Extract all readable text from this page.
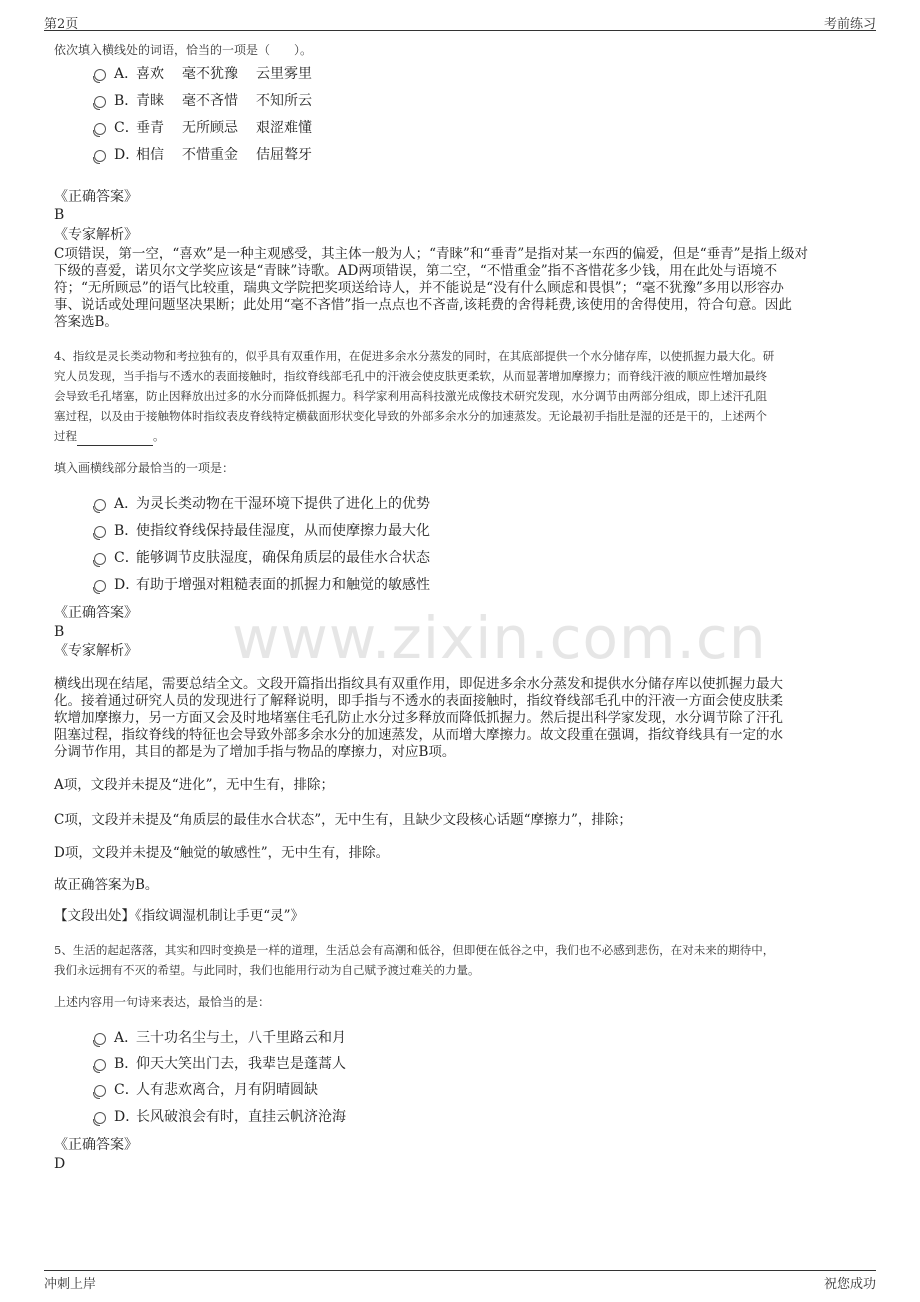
第2页	考前练习
www.zixin.com.cn
依次填入横线处的词语，恰当的一项是（　　）。
A．喜欢 毫不犹豫 云里雾里
B．青睐 毫不吝惜 不知所云
C．垂青 无所顾忌 艰涩难懂
D．相信 不惜重金 佶屈聱牙
《正确答案》
B
《专家解析》

C项错误，第一空，“喜欢”是一种主观感受，其主体一般为人；“青睐”和“垂青”是指对某一东西的偏爱，但是“垂青”是指上级对

下级的喜爱，诺贝尔文学奖应该是“青睐”诗歌。AD两项错误，第二空，“不惜重金”指不吝惜花多少钱，用在此处与语境不

符；“无所顾忌”的语气比较重，瑞典文学院把奖项送给诗人，并不能说是“没有什么顾虑和畏惧”；“毫不犹豫”多用以形容办

事、说话或处理问题坚决果断；此处用“毫不吝惜”指一点点也不吝啬,该耗费的舍得耗费,该使用的舍得使用，符合句意。因此

答案选B。

4、指纹是灵长类动物和考拉独有的，似乎具有双重作用，在促进多余水分蒸发的同时，在其底部提供一个水分储存库，以使抓握力最大化。研

究人员发现，当手指与不透水的表面接触时，指纹脊线部毛孔中的汗液会使皮肤更柔软，从而显著增加摩擦力；而脊线汗液的顺应性增加最终

会导致毛孔堵塞，防止因释放出过多的水分而降低抓握力。科学家利用高科技激光成像技术研究发现，水分调节由两部分组成，即上述汗孔阻

塞过程，以及由于接触物体时指纹表皮脊线特定横截面形状变化导致的外部多余水分的加速蒸发。无论最初手指肚是湿的还是干的，上述两个

过程	。

填入画横线部分最恰当的一项是：
A．为灵长类动物在干湿环境下提供了进化上的优势
B．使指纹脊线保持最佳湿度，从而使摩擦力最大化
C．能够调节皮肤湿度，确保角质层的最佳水合状态
D．有助于增强对粗糙表面的抓握力和触觉的敏感性
《正确答案》
B
《专家解析》

横线出现在结尾，需要总结全文。文段开篇指出指纹具有双重作用，即促进多余水分蒸发和提供水分储存库以使抓握力最大

化。接着通过研究人员的发现进行了解释说明，即手指与不透水的表面接触时，指纹脊线部毛孔中的汗液一方面会使皮肤柔

软增加摩擦力，另一方面又会及时地堵塞住毛孔防止水分过多释放而降低抓握力。然后提出科学家发现，水分调节除了汗孔

阻塞过程，指纹脊线的特征也会导致外部多余水分的加速蒸发，从而增大摩擦力。故文段重在强调，指纹脊线具有一定的水

分调节作用，其目的都是为了增加手指与物品的摩擦力，对应B项。

A项，文段并未提及“进化”，无中生有，排除；
C项，文段并未提及“角质层的最佳水合状态”，无中生有，且缺少文段核心话题“摩擦力”，排除；
D项，文段并未提及“触觉的敏感性”，无中生有，排除。
故正确答案为B。
【文段出处】《指纹调湿机制让手更“灵”》

5、生活的起起落落，其实和四时变换是一样的道理，生活总会有高潮和低谷，但即便在低谷之中，我们也不必感到悲伤，在对未来的期待中，

我们永远拥有不灭的希望。与此同时，我们也能用行动为自己赋予渡过难关的力量。

上述内容用一句诗来表达，最恰当的是：
A．三十功名尘与土，八千里路云和月
B．仰天大笑出门去，我辈岂是蓬蒿人
C．人有悲欢离合，月有阴晴圆缺
D．长风破浪会有时，直挂云帆济沧海
《正确答案》
D
冲刺上岸	祝您成功
